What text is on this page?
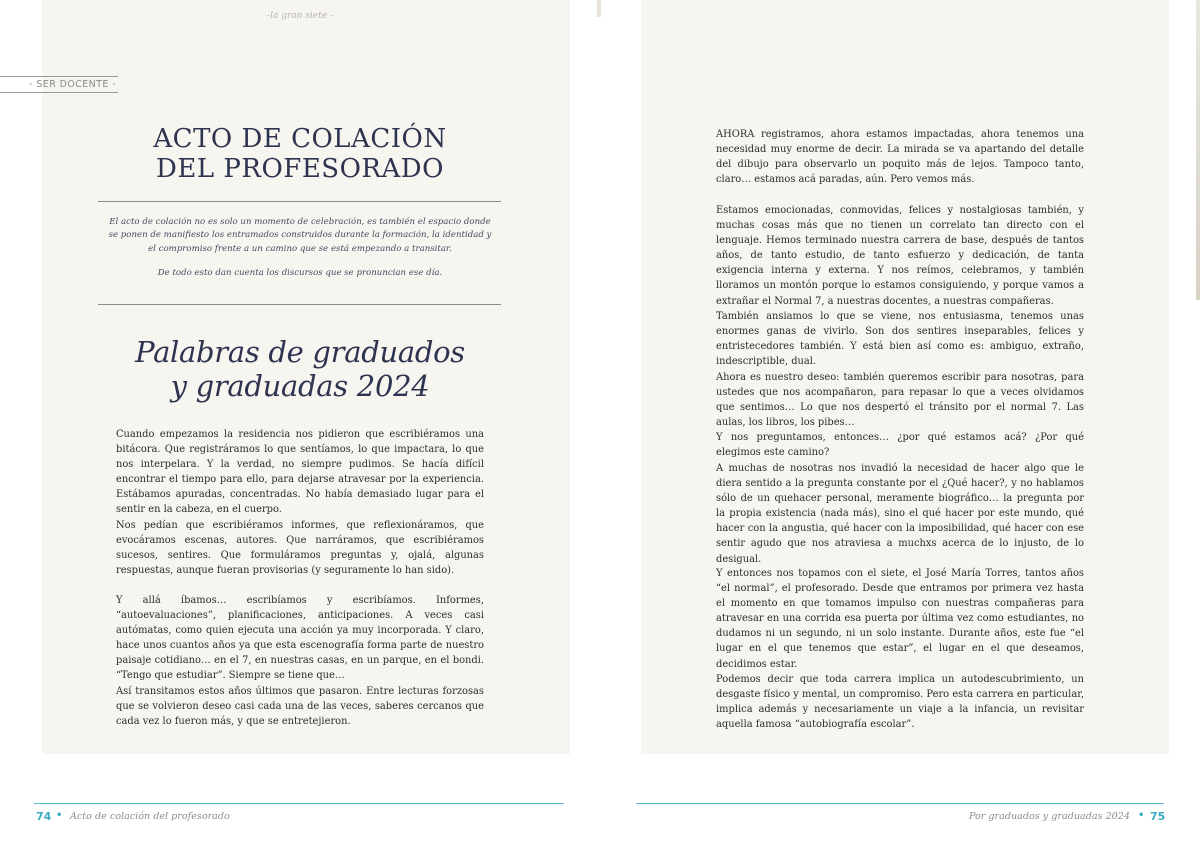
-la gran siete -
- SER DOCENTE -
ACTO DE COLACIÓN
DEL PROFESORADO

El acto de colación no es solo un momento de celebración, es también el espacio donde se ponen de manifiesto los entramados construidos durante la formación, la identidad y el compromiso frente a un camino que se está empezando a transitar.

De todo esto dan cuenta los discursos que se pronuncian ese día.

Palabras de graduados
y graduadas 2024

Cuando empezamos la residencia nos pidieron que escribiéramos una bitácora. Que registráramos lo que sentíamos, lo que impactara, lo que nos interpelara. Y la verdad, no siempre pudimos. Se hacía difícil encontrar el tiempo para ello, para dejarse atravesar por la experiencia. Estábamos apuradas, concentradas. No había demasiado lugar para el sentir en la cabeza, en el cuerpo.

Nos pedían que escribiéramos informes, que reflexionáramos, que evocáramos escenas, autores. Que narráramos, que escribiéramos sucesos, sentires. Que formuláramos preguntas y, ojalá, algunas respuestas, aunque fueran provisorias (y seguramente lo han sido).

Y allá íbamos… escribíamos y escribíamos. Informes, “autoevaluaciones”, planificaciones, anticipaciones. A veces casi autómatas, como quien ejecuta una acción ya muy incorporada. Y claro, hace unos cuantos años ya que esta escenografía forma parte de nuestro paisaje cotidiano… en el 7, en nuestras casas, en un parque, en el bondi. “Tengo que estudiar”. Siempre se tiene que…

Así transitamos estos años últimos que pasaron. Entre lecturas forzosas que se volvieron deseo casi cada una de las veces, saberes cercanos que cada vez lo fueron más, y que se entretejieron.

AHORA registramos, ahora estamos impactadas, ahora tenemos una necesidad muy enorme de decir. La mirada se va apartando del detalle del dibujo para observarlo un poquito más de lejos. Tampoco tanto, claro… estamos acá paradas, aún. Pero vemos más.

Estamos emocionadas, conmovidas, felices y nostalgiosas también, y muchas cosas más que no tienen un correlato tan directo con el lenguaje. Hemos terminado nuestra carrera de base, después de tantos años, de tanto estudio, de tanto esfuerzo y dedicación, de tanta exigencia interna y externa. Y nos reímos, celebramos, y también lloramos un montón porque lo estamos consiguiendo, y porque vamos a extrañar el Normal 7, a nuestras docentes, a nuestras compañeras.

También ansiamos lo que se viene, nos entusiasma, tenemos unas enormes ganas de vivirlo. Son dos sentires inseparables, felices y entristecedores también. Y está bien así como es: ambiguo, extraño, indescriptible, dual.

Ahora es nuestro deseo: también queremos escribir para nosotras, para ustedes que nos acompañaron, para repasar lo que a veces olvidamos que sentimos… Lo que nos despertó el tránsito por el normal 7. Las aulas, los libros, los pibes…

Y nos preguntamos, entonces… ¿por qué estamos acá? ¿Por qué elegimos este camino?

A muchas de nosotras nos invadió la necesidad de hacer algo que le diera sentido a la pregunta constante por el ¿Qué hacer?, y no hablamos sólo de un quehacer personal, meramente biográfico… la pregunta por la propia existencia (nada más), sino el qué hacer por este mundo, qué hacer con la angustia, qué hacer con la imposibilidad, qué hacer con ese sentir agudo que nos atraviesa a muchxs acerca de lo injusto, de lo desigual.

Y entonces nos topamos con el siete, el José María Torres, tantos años “el normal”, el profesorado. Desde que entramos por primera vez hasta el momento en que tomamos impulso con nuestras compañeras para atravesar en una corrida esa puerta por última vez como estudiantes, no dudamos ni un segundo, ni un solo instante. Durante años, este fue “el lugar en el que tenemos que estar”, el lugar en el que deseamos, decidimos estar.

Podemos decir que toda carrera implica un autodescubrimiento, un desgaste físico y mental, un compromiso. Pero esta carrera en particular, implica además y necesariamente un viaje a la infancia, un revisitar aquella famosa “autobiografía escolar”.

74 • Acto de colación del profesorado	Por graduados y graduadas 2024 • 75
